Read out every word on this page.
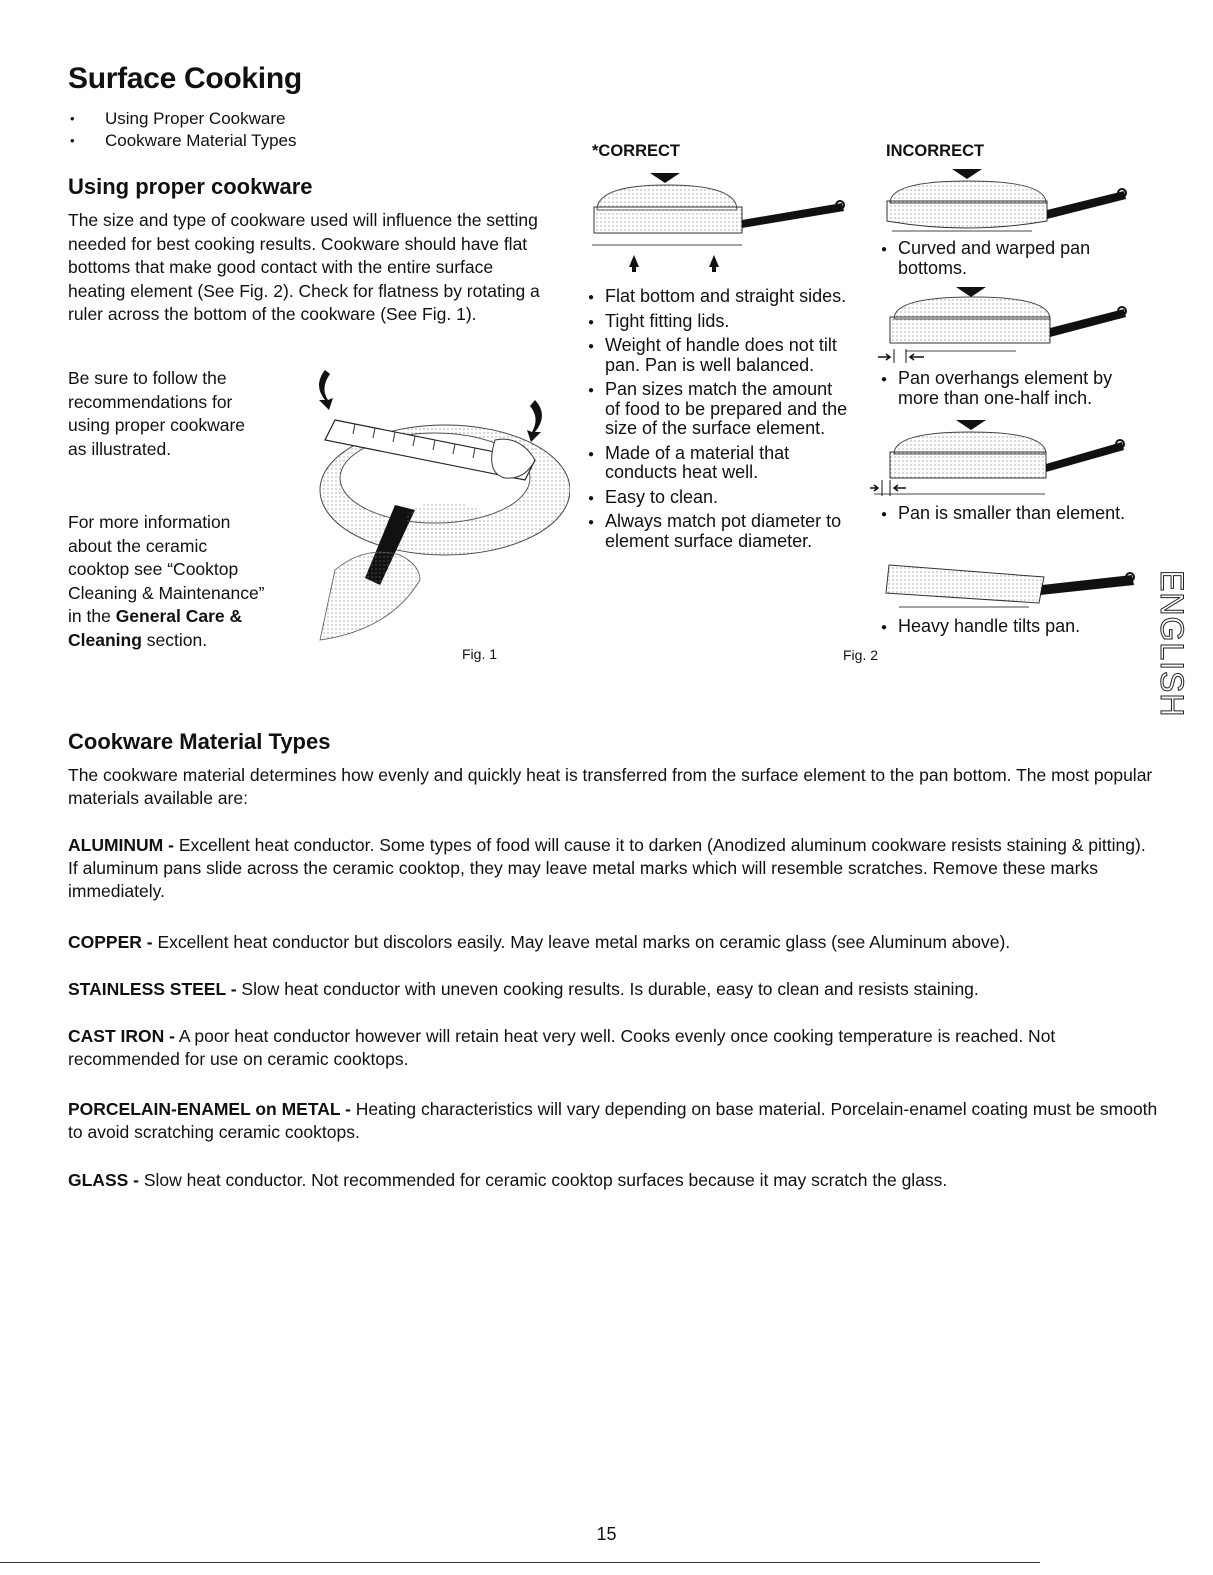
Surface Cooking
• Using Proper Cookware
• Cookware Material Types
Using proper cookware

The size and type of cookware used will influence the setting needed for best cooking results. Cookware should have flat bottoms that make good contact with the entire surface heating element (See Fig. 2). Check for flatness by rotating a ruler across the bottom of the cookware (See Fig. 1).

Be sure to follow the recommendations for using proper cookware as illustrated.

For more information about the ceramic cooktop see “Cooktop Cleaning & Maintenance” in the General Care & Cleaning section.

Fig. 1
*CORRECT
● Flat bottom and straight sides.
● Tight fitting lids.
● Weight of handle does not tilt pan. Pan is well balanced.
● Pan sizes match the amount of food to be prepared and the size of the surface element.
● Made of a material that conducts heat well.
● Easy to clean.
● Always match pot diameter to element surface diameter.
Fig. 2
INCORRECT
● Curved and warped pan bottoms.
● Pan overhangs element by more than one-half inch.
● Pan is smaller than element.
● Heavy handle tilts pan.	ENGLISH
Cookware Material Types

The cookware material determines how evenly and quickly heat is transferred from the surface element to the pan bottom. The most popular materials available are:

ALUMINUM - Excellent heat conductor. Some types of food will cause it to darken (Anodized aluminum cookware resists staining & pitting). If aluminum pans slide across the ceramic cooktop, they may leave metal marks which will resemble scratches. Remove these marks immediately.

COPPER - Excellent heat conductor but discolors easily. May leave metal marks on ceramic glass (see Aluminum above).

STAINLESS STEEL - Slow heat conductor with uneven cooking results. Is durable, easy to clean and resists staining.

CAST IRON - A poor heat conductor however will retain heat very well. Cooks evenly once cooking temperature is reached. Not recommended for use on ceramic cooktops.

PORCELAIN-ENAMEL on METAL - Heating characteristics will vary depending on base material. Porcelain-enamel coating must be smooth to avoid scratching ceramic cooktops.

GLASS - Slow heat conductor. Not recommended for ceramic cooktop surfaces because it may scratch the glass.

15
